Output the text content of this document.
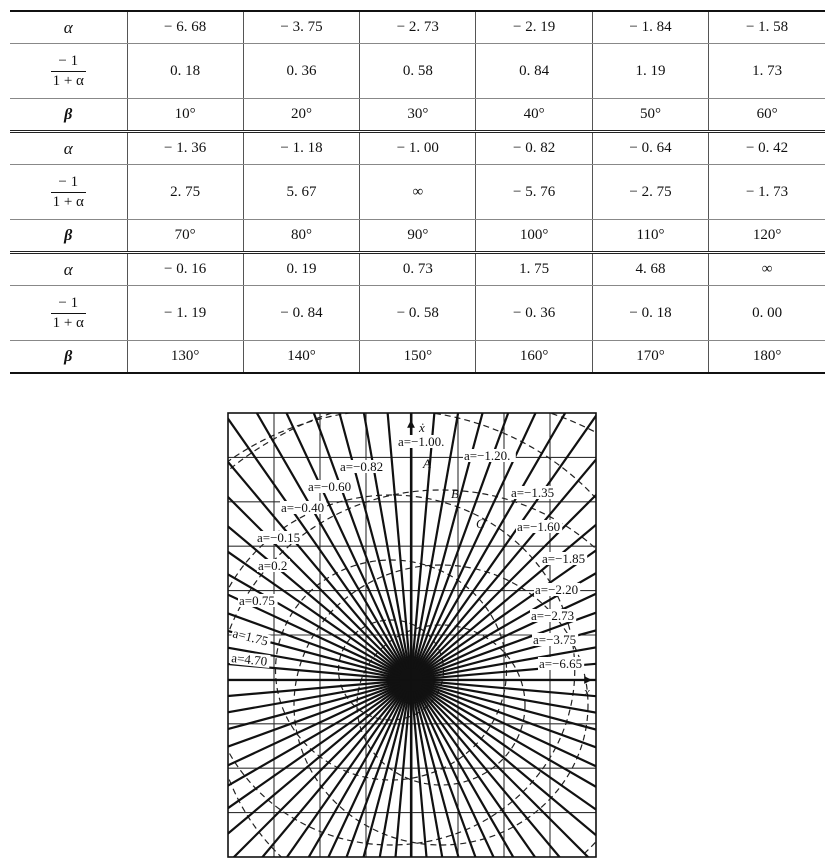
α	− 6. 68	− 3. 75	− 2. 73	− 2. 19	− 1. 84	− 1. 58

$\frac{- 1}{1 + \alpha}$	0. 18	0. 36	0. 58	0. 84	1. 19	1. 73
β	10°	20°	30°	40°	50°	60°
α	− 1. 36	− 1. 18	− 1. 00	− 0. 82	− 0. 64	− 0. 42

$\frac{- 1}{1 + \alpha}$	2. 75	5. 67	∞	− 5. 76	− 2. 75	− 1. 73
β	70°	80°	90°	100°	110°	120°
α	− 0. 16	0. 19	0. 73	1. 75	4. 68	∞

$\frac{- 1}{1 + \alpha}$	− 1. 19	− 0. 84	− 0. 58	− 0. 36	− 0. 18	0. 00
β	130°	140°	150°	160°	170°	180°
ẋ
x
a=−1.00.
a=−1.20.
a=−0.82
a=−0.60
a=−0.40
a=−0.15
a=0.2
a=0.75
a=1.75
a=4.70
a=−1.35
a=−1.60
a=−1.85
a=−2.20
a=−2.73
a=−3.75
a=−6.65
A
B
C
